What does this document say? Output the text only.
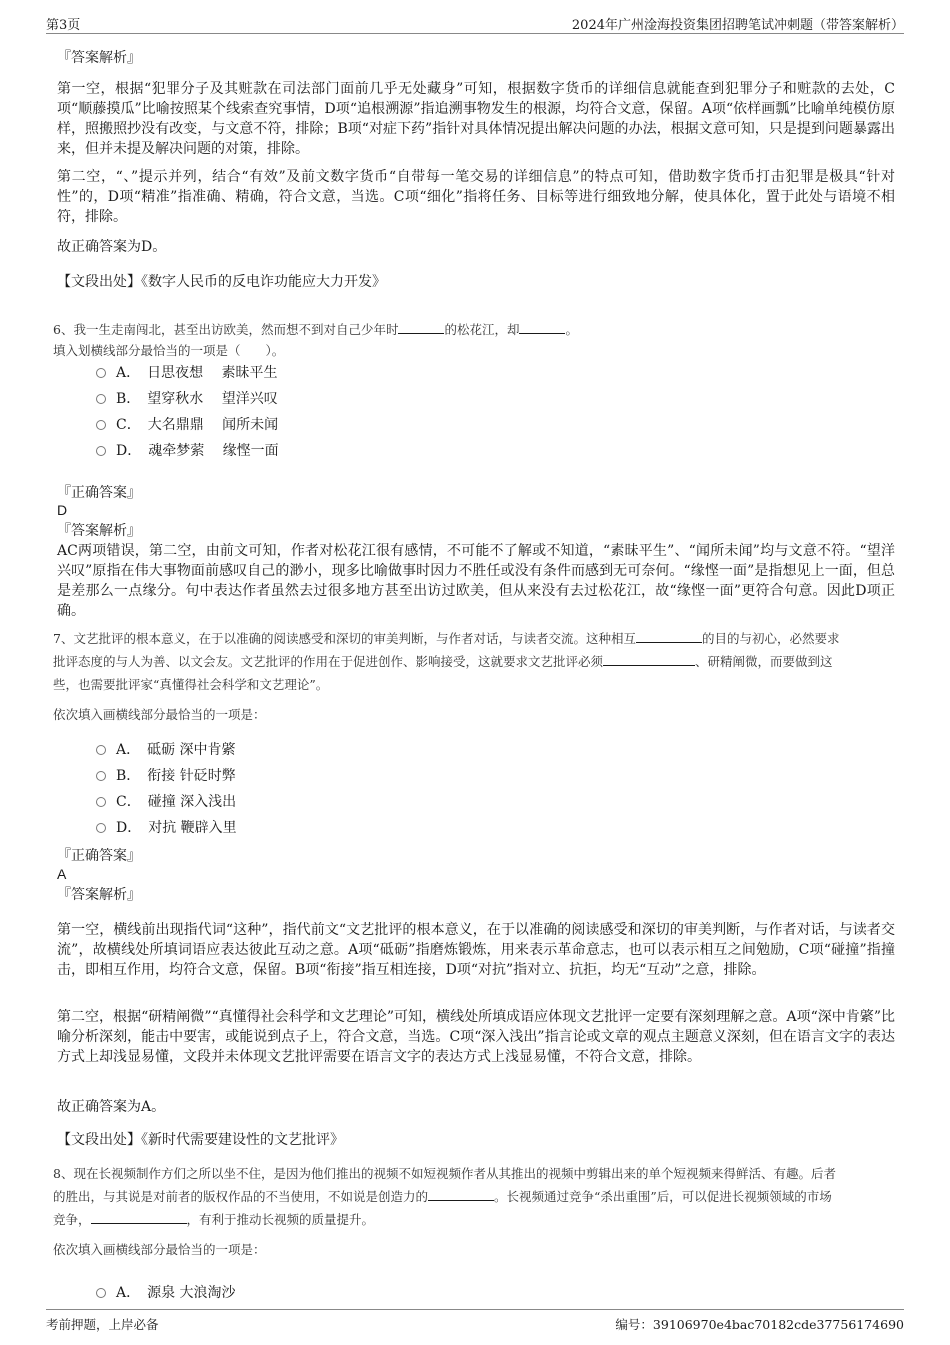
第3页	2024年广州淦海投资集团招聘笔试冲刺题（带答案解析）
『答案解析』
第一空，根据“犯罪分子及其赃款在司法部门面前几乎无处藏身”可知，根据数字货币的详细信息就能查到犯罪分子和赃款的去处，C项“顺藤摸瓜”比喻按照某个线索查究事情，D项“追根溯源”指追溯事物发生的根源，均符合文意，保留。A项“依样画瓢”比喻单纯模仿原样，照搬照抄没有改变，与文意不符，排除；B项“对症下药”指针对具体情况提出解决问题的办法，根据文意可知，只是提到问题暴露出来，但并未提及解决问题的对策，排除。
第二空，“、”提示并列，结合“有效”及前文数字货币“自带每一笔交易的详细信息”的特点可知，借助数字货币打击犯罪是极具“针对性”的，D项“精准”指准确、精确，符合文意，当选。C项“细化”指将任务、目标等进行细致地分解，使具体化，置于此处与语境不相符，排除。
故正确答案为D。
【文段出处】《数字人民币的反电诈功能应大力开发》
6、我一生走南闯北，甚至出访欧美，然而想不到对自己少年时	的松花江，却	。
填入划横线部分最恰当的一项是（　　）。
A．　日思夜想　 素昧平生
B．　望穿秋水　 望洋兴叹
C．　大名鼎鼎　 闻所未闻
D．　魂牵梦萦　 缘悭一面
『正确答案』
D
『答案解析』
AC两项错误，第二空，由前文可知，作者对松花江很有感情，不可能不了解或不知道，“素昧平生”、“闻所未闻”均与文意不符。“望洋兴叹”原指在伟大事物面前感叹自己的渺小，现多比喻做事时因力不胜任或没有条件而感到无可奈何。“缘悭一面”是指想见上一面，但总是差那么一点缘分。句中表达作者虽然去过很多地方甚至出访过欧美，但从来没有去过松花江，故“缘悭一面”更符合句意。因此D项正确。
7、文艺批评的根本意义，在于以准确的阅读感受和深切的审美判断，与作者对话，与读者交流。这种相互	的目的与初心，必然要求
批评态度的与人为善、以文会友。文艺批评的作用在于促进创作、影响接受，这就要求文艺批评必须	、研精阐微，而要做到这
些，也需要批评家“真懂得社会科学和文艺理论”。
依次填入画横线部分最恰当的一项是：
A．　砥砺 深中肯綮
B．　衔接 针砭时弊
C．　碰撞 深入浅出
D．　对抗 鞭辟入里
『正确答案』
A
『答案解析』
第一空，横线前出现指代词“这种”，指代前文“文艺批评的根本意义，在于以准确的阅读感受和深切的审美判断，与作者对话，与读者交流”，故横线处所填词语应表达彼此互动之意。A项“砥砺”指磨炼锻炼，用来表示革命意志，也可以表示相互之间勉励，C项“碰撞”指撞击，即相互作用，均符合文意，保留。B项“衔接”指互相连接，D项“对抗”指对立、抗拒，均无“互动”之意，排除。
第二空，根据“研精阐微”“真懂得社会科学和文艺理论”可知，横线处所填成语应体现文艺批评一定要有深刻理解之意。A项“深中肯綮”比喻分析深刻，能击中要害，或能说到点子上，符合文意，当选。C项“深入浅出”指言论或文章的观点主题意义深刻，但在语言文字的表达方式上却浅显易懂，文段并未体现文艺批评需要在语言文字的表达方式上浅显易懂，不符合文意，排除。
故正确答案为A。
【文段出处】《新时代需要建设性的文艺批评》
8、现在长视频制作方们之所以坐不住，是因为他们推出的视频不如短视频作者从其推出的视频中剪辑出来的单个短视频来得鲜活、有趣。后者
的胜出，与其说是对前者的版权作品的不当使用，不如说是创造力的	。长视频通过竞争“杀出重围”后，可以促进长视频领域的市场
竞争，	，有利于推动长视频的质量提升。
依次填入画横线部分最恰当的一项是：
A．　源泉 大浪淘沙
考前押题，上岸必备	编号：39106970e4bac70182cde37756174690
